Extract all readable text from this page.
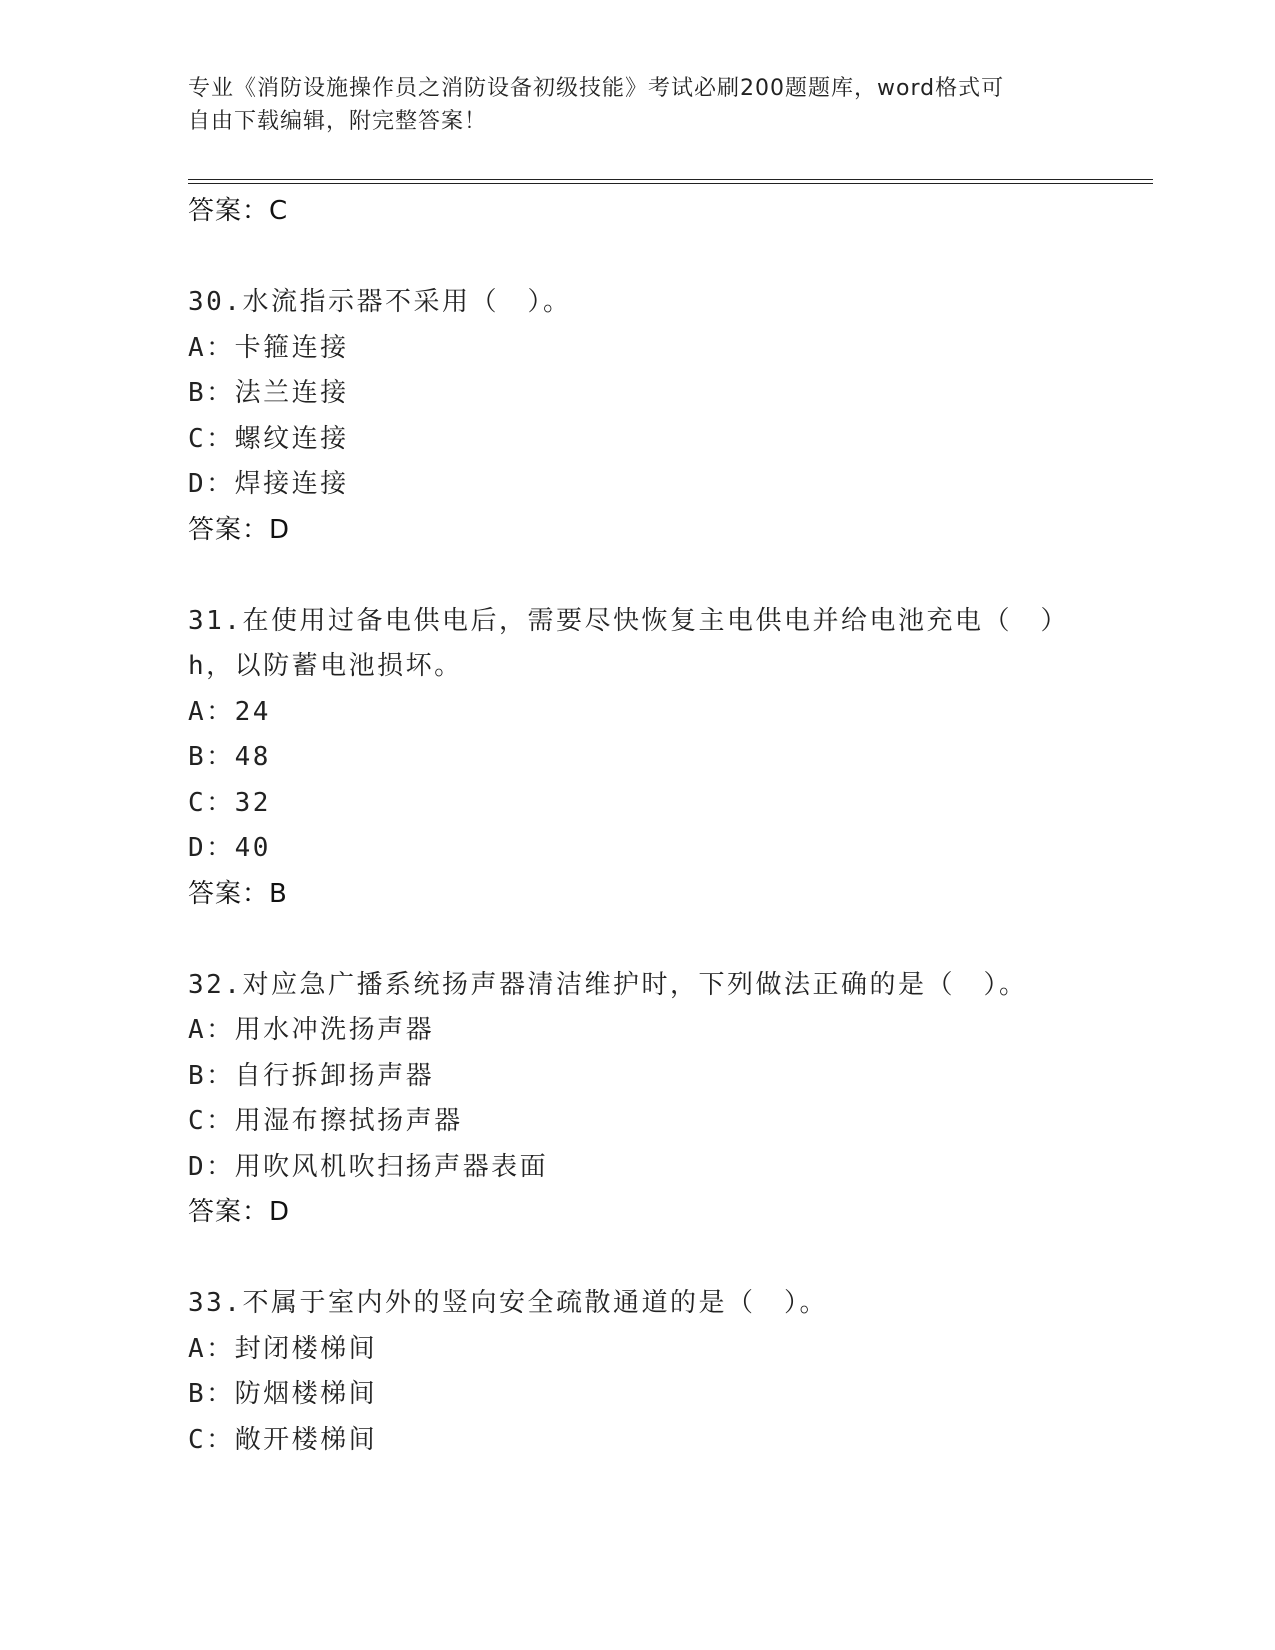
专业《消防设施操作员之消防设备初级技能》考试必刷200题题库，word格式可
自由下载编辑，附完整答案！
答案：C
30.水流指示器不采用（　）。
A：卡箍连接
B：法兰连接
C：螺纹连接
D：焊接连接
答案：D
31.在使用过备电供电后，需要尽快恢复主电供电并给电池充电（　）
h，以防蓄电池损坏。
A：24
B：48
C：32
D：40
答案：B
32.对应急广播系统扬声器清洁维护时，下列做法正确的是（　）。
A：用水冲洗扬声器
B：自行拆卸扬声器
C：用湿布擦拭扬声器
D：用吹风机吹扫扬声器表面
答案：D
33.不属于室内外的竖向安全疏散通道的是（　）。
A：封闭楼梯间
B：防烟楼梯间
C：敞开楼梯间
